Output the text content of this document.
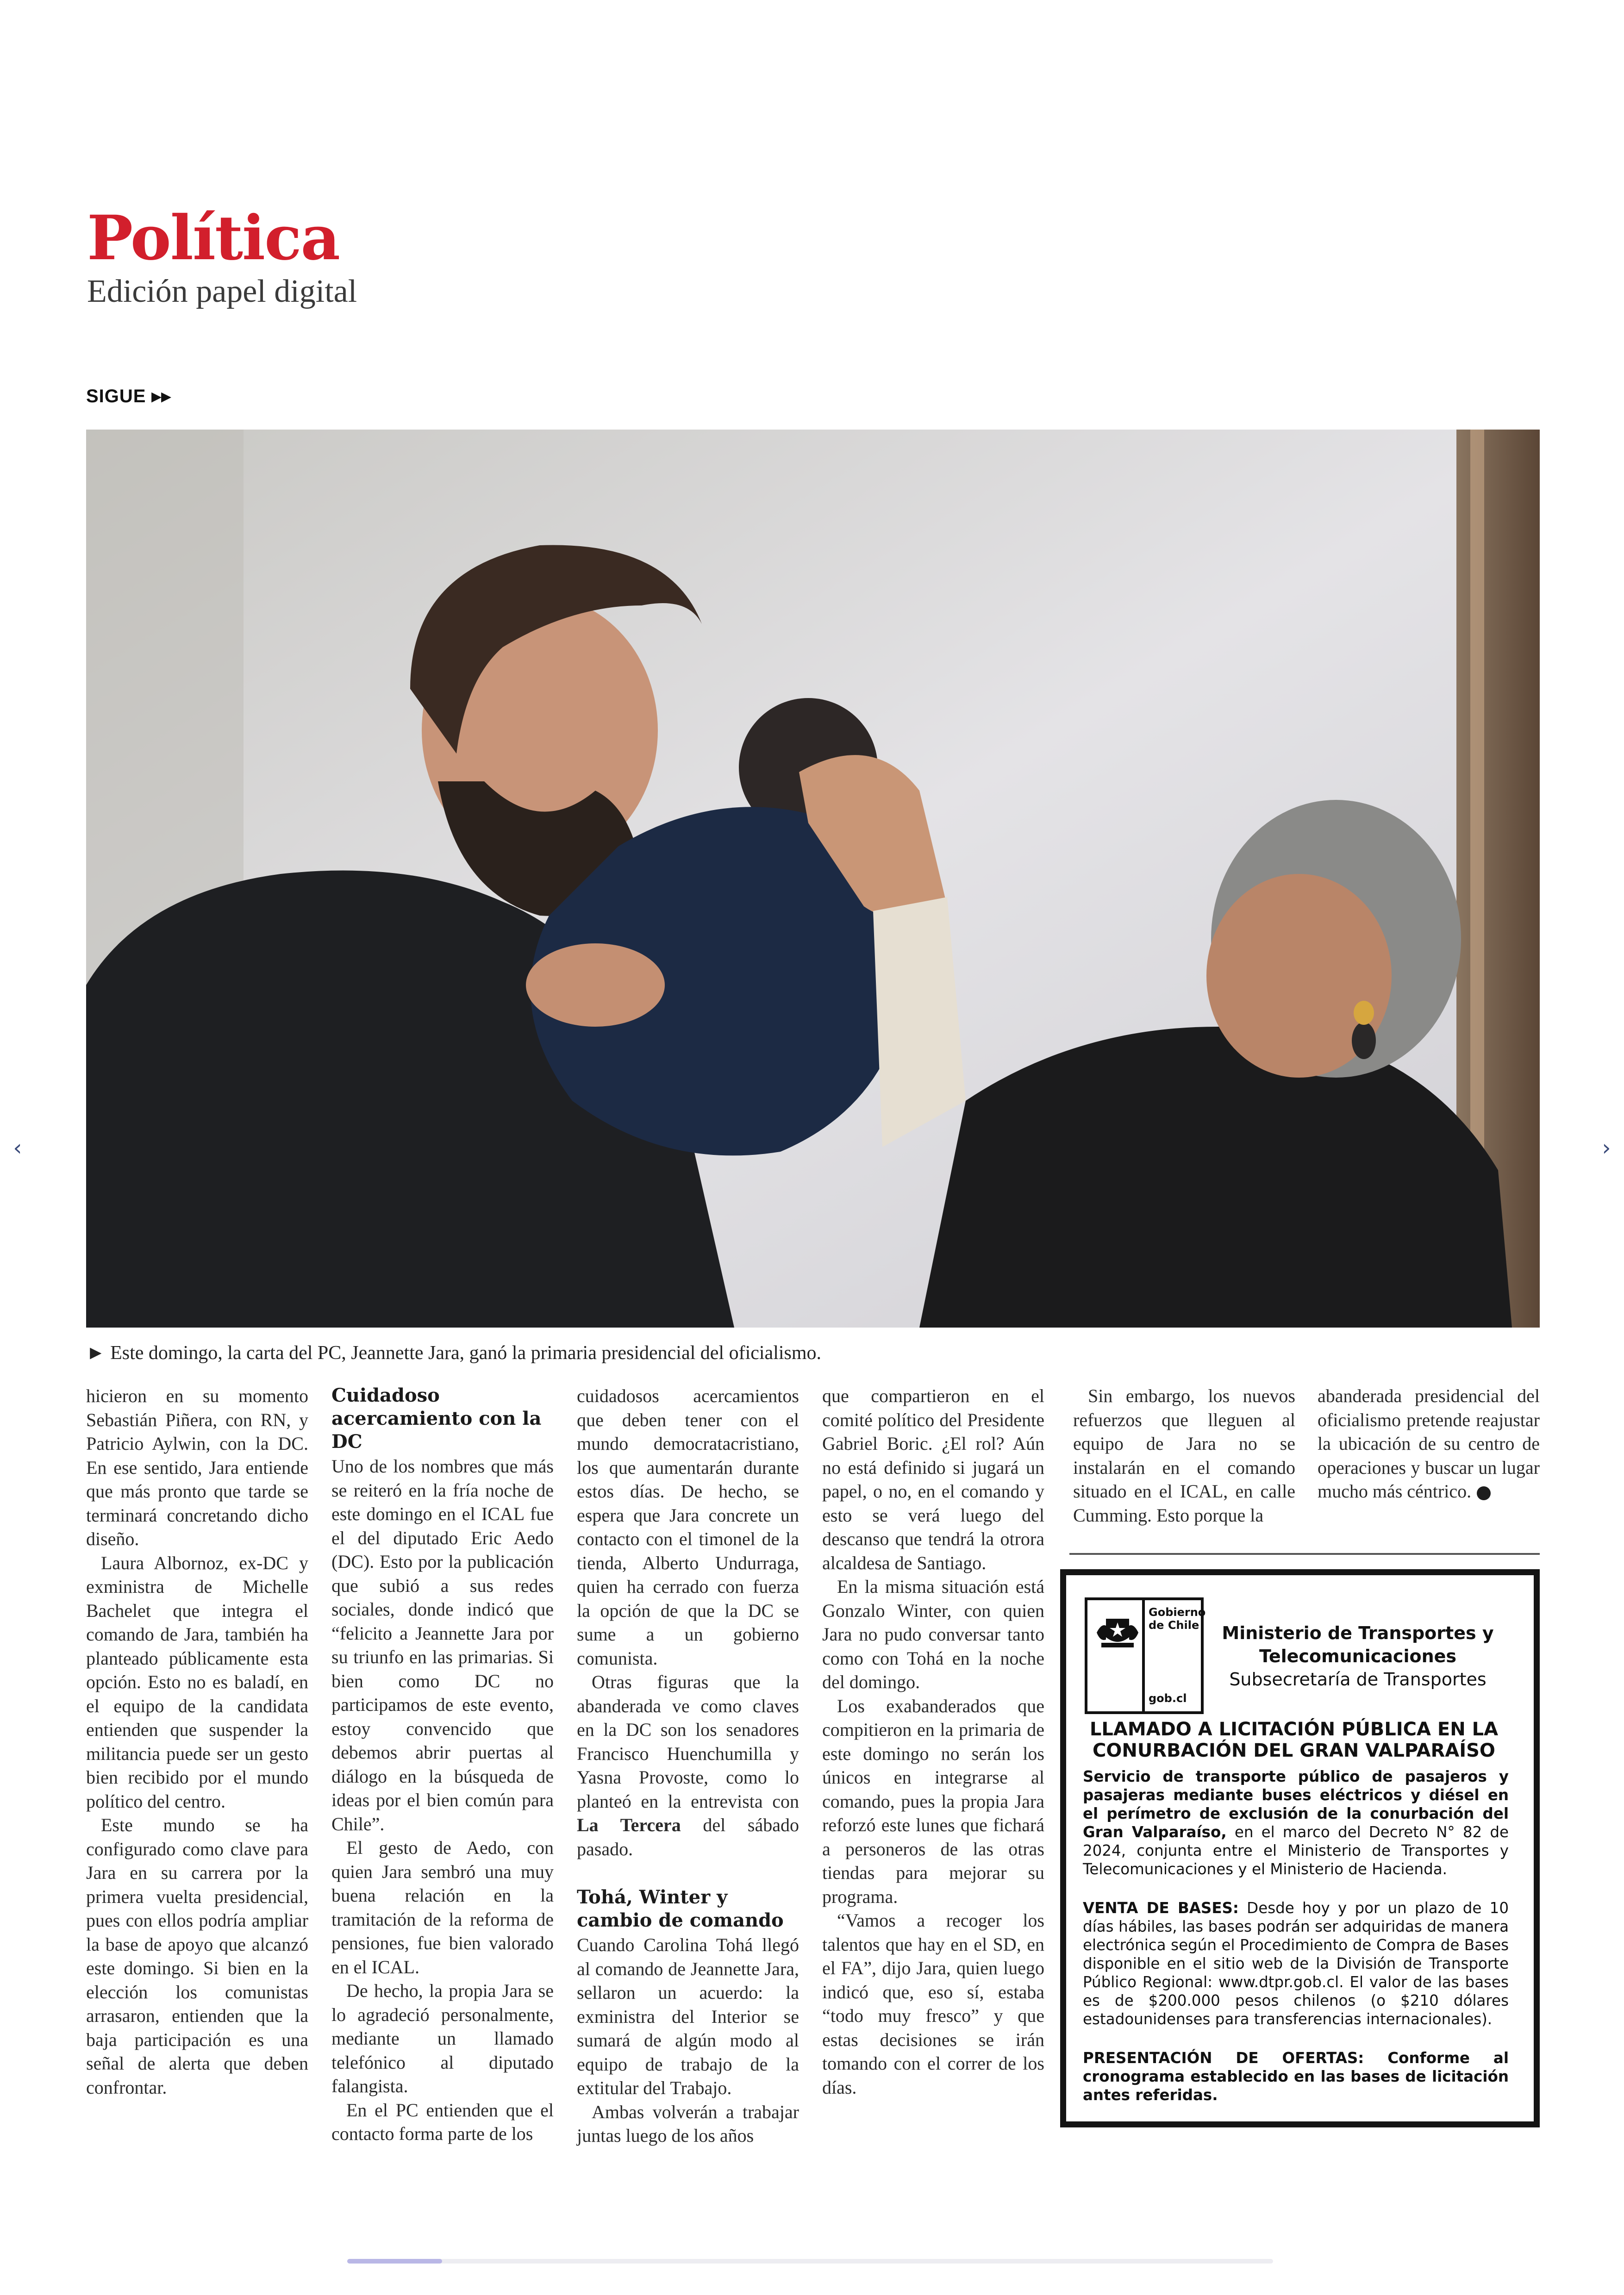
Política
Edición papel digital
SIGUE ▸▸
► Este domingo, la carta del PC, Jeannette Jara, ganó la primaria presidencial del oficialismo.

hicieron en su momento Sebastián Piñera, con RN, y Patricio Aylwin, con la DC. En ese sentido, Jara entiende que más pronto que tarde se terminará concretando dicho diseño.

Laura Albornoz, ex-DC y exministra de Michelle Bachelet que integra el comando de Jara, también ha planteado públicamente esta opción. Esto no es baladí, en el equipo de la candidata entienden que suspender la militancia puede ser un gesto bien recibido por el mundo político del centro.

Este mundo se ha configurado como clave para Jara en su carrera por la primera vuelta presidencial, pues con ellos podría ampliar la base de apoyo que alcanzó este domingo. Si bien en la elección los comunistas arrasaron, entienden que la baja participación es una señal de alerta que deben confrontar.

Cuidadoso acercamiento con la DC

Uno de los nombres que más se reiteró en la fría noche de este domingo en el ICAL fue el del diputado Eric Aedo (DC). Esto por la publicación que subió a sus redes sociales, donde indicó que “felicito a Jeannette Jara por su triunfo en las primarias. Si bien como DC no participamos de este evento, estoy convencido que debemos abrir puertas al diálogo en la búsqueda de ideas por el bien común para Chile”.

El gesto de Aedo, con quien Jara sembró una muy buena relación en la tramitación de la reforma de pensiones, fue bien valorado en el ICAL.

De hecho, la propia Jara se lo agradeció personalmente, mediante un llamado telefónico al diputado falangista.

En el PC entienden que el contacto forma parte de los

cuidadosos acercamientos que deben tener con el mundo democratacristiano, los que aumentarán durante estos días. De hecho, se espera que Jara concrete un contacto con el timonel de la tienda, Alberto Undurraga, quien ha cerrado con fuerza la opción de que la DC se sume a un gobierno comunista.

Otras figuras que la abanderada ve como claves en la DC son los senadores Francisco Huenchumilla y Yasna Provoste, como lo planteó en la entrevista con La Tercera del sábado pasado.

Tohá, Winter y cambio de comando

Cuando Carolina Tohá llegó al comando de Jeannette Jara, sellaron un acuerdo: la exministra del Interior se sumará de algún modo al equipo de trabajo de la extitular del Trabajo.

Ambas volverán a trabajar juntas luego de los años

que compartieron en el comité político del Presidente Gabriel Boric. ¿El rol? Aún no está definido si jugará un papel, o no, en el comando y esto se verá luego del descanso que tendrá la otrora alcaldesa de Santiago.

En la misma situación está Gonzalo Winter, con quien Jara no pudo conversar tanto como con Tohá en la noche del domingo.

Los exabanderados que compitieron en la primaria de este domingo no serán los únicos en integrarse al comando, pues la propia Jara reforzó este lunes que fichará a personeros de las otras tiendas para mejorar su programa.

“Vamos a recoger los talentos que hay en el SD, en el FA”, dijo Jara, quien luego indicó que, eso sí, estaba “todo muy fresco” y que estas decisiones se irán tomando con el correr de los días.

Sin embargo, los nuevos refuerzos que lleguen al equipo de Jara no se instalarán en el comando situado en el ICAL, en calle Cumming. Esto porque la

abanderada presidencial del oficialismo pretende reajustar la ubicación de su centro de operaciones y buscar un lugar mucho más céntrico.

Gobierno de Chile
gob.cl
Ministerio de Transportes y Telecomunicaciones
Subsecretaría de Transportes
LLAMADO A LICITACIÓN PÚBLICA EN LA CONURBACIÓN DEL GRAN VALPARAÍSO

Servicio de transporte público de pasajeros y pasajeras mediante buses eléctricos y diésel en el perímetro de exclusión de la conurbación del Gran Valparaíso, en el marco del Decreto N° 82 de 2024, conjunta entre el Ministerio de Transportes y Telecomunicaciones y el Ministerio de Hacienda.

VENTA DE BASES: Desde hoy y por un plazo de 10 días hábiles, las bases podrán ser adquiridas de manera electrónica según el Procedimiento de Compra de Bases disponible en el sitio web de la División de Transporte Público Regional: www.dtpr.gob.cl. El valor de las bases es de $200.000 pesos chilenos (o $210 dólares estadounidenses para transferencias internacionales).

PRESENTACIÓN DE OFERTAS: Conforme al cronograma establecido en las bases de licitación antes referidas.

‹	›
